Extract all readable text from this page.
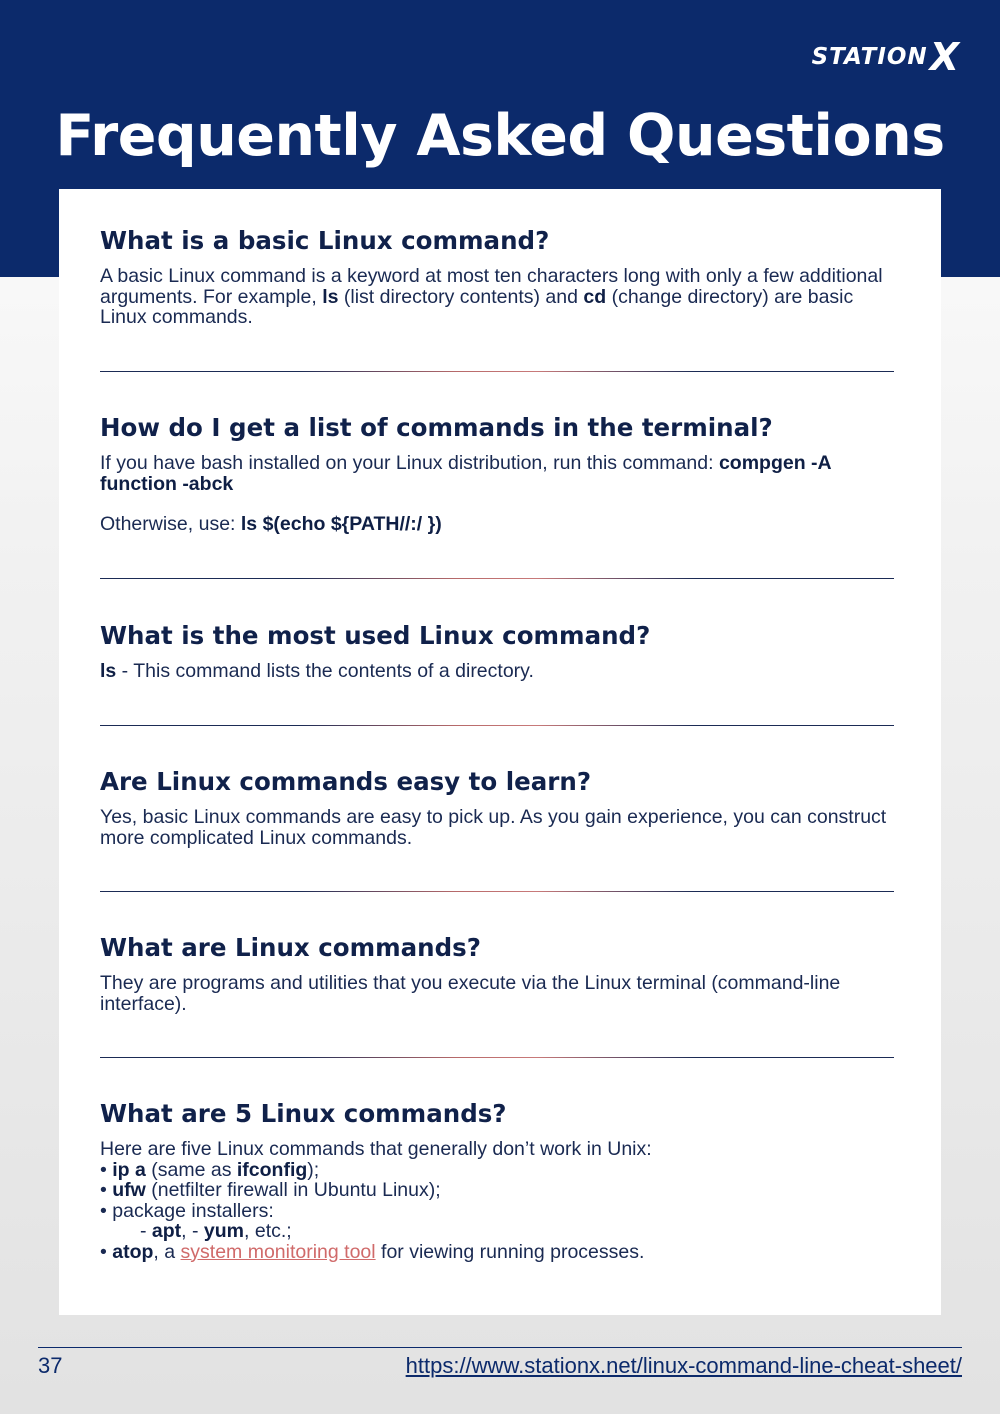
STATION X
Frequently Asked Questions
What is a basic Linux command?

A basic Linux command is a keyword at most ten characters long with only a few additional arguments. For example, ls (list directory contents) and cd (change directory) are basic Linux commands.

How do I get a list of commands in the terminal?

If you have bash installed on your Linux distribution, run this command: compgen -A function -abck

Otherwise, use: ls $(echo ${PATH//:/ })

What is the most used Linux command?

ls - This command lists the contents of a directory.

Are Linux commands easy to learn?

Yes, basic Linux commands are easy to pick up. As you gain experience, you can construct more complicated Linux commands.

What are Linux commands?

They are programs and utilities that you execute via the Linux terminal (command-line interface).

What are 5 Linux commands?

Here are five Linux commands that generally don’t work in Unix:

• ip a (same as ifconfig);

• ufw (netfilter firewall in Ubuntu Linux);

• package installers:

- apt, - yum, etc.;

• atop, a system monitoring tool for viewing running processes.

37	https://www.stationx.net/linux-command-line-cheat-sheet/
